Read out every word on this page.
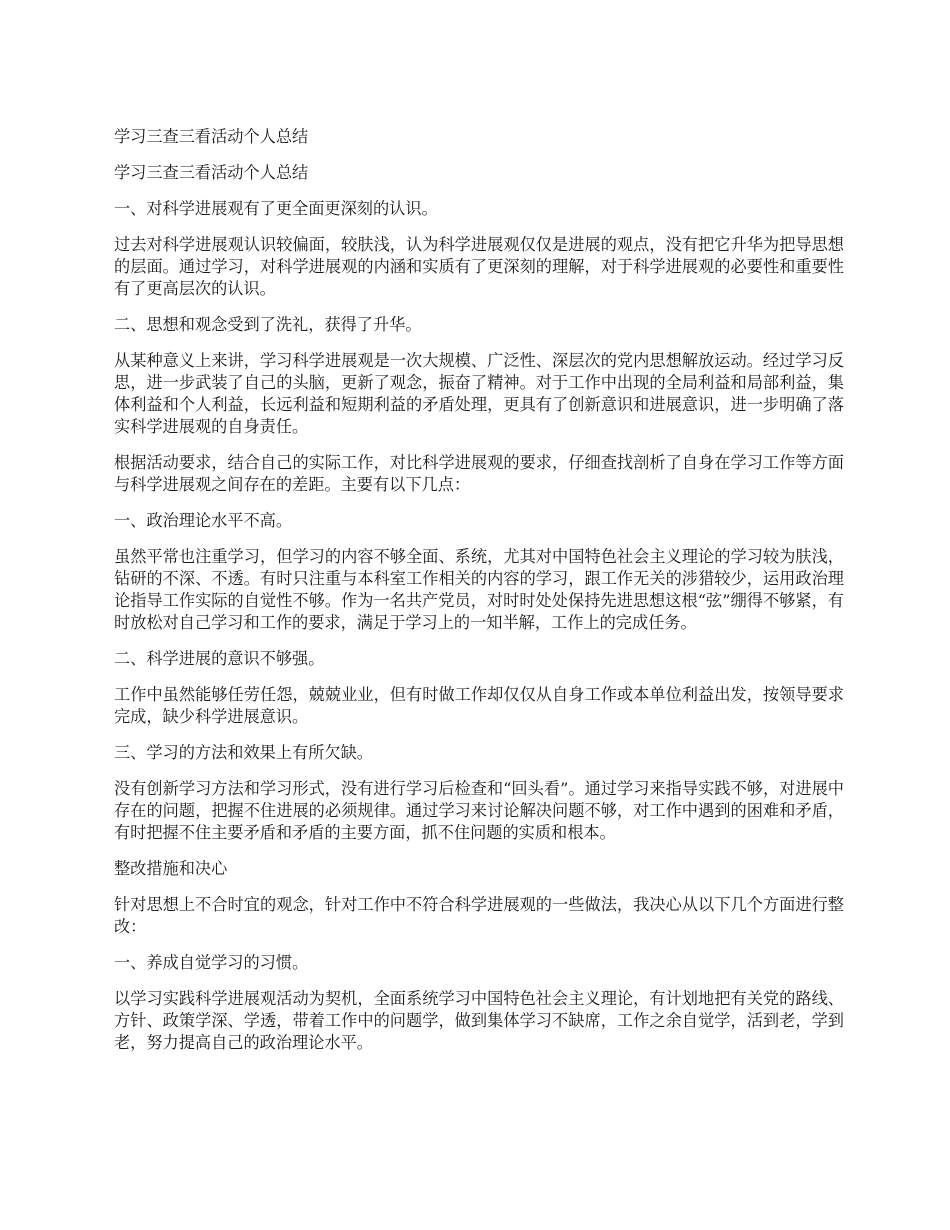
学习三查三看活动个人总结

学习三查三看活动个人总结

一、对科学进展观有了更全面更深刻的认识。

过去对科学进展观认识较偏面，较肤浅，认为科学进展观仅仅是进展的观点，没有把它升华为把导思想的层面。通过学习，对科学进展观的内涵和实质有了更深刻的理解，对于科学进展观的必要性和重要性有了更高层次的认识。

二、思想和观念受到了洗礼，获得了升华。

从某种意义上来讲，学习科学进展观是一次大规模、广泛性、深层次的党内思想解放运动。经过学习反思，进一步武装了自己的头脑，更新了观念，振奋了精神。对于工作中出现的全局利益和局部利益，集体利益和个人利益，长远利益和短期利益的矛盾处理，更具有了创新意识和进展意识，进一步明确了落实科学进展观的自身责任。

根据活动要求，结合自己的实际工作，对比科学进展观的要求，仔细查找剖析了自身在学习工作等方面与科学进展观之间存在的差距。主要有以下几点：

一、政治理论水平不高。

虽然平常也注重学习，但学习的内容不够全面、系统，尤其对中国特色社会主义理论的学习较为肤浅，钻研的不深、不透。有时只注重与本科室工作相关的内容的学习，跟工作无关的涉猎较少，运用政治理论指导工作实际的自觉性不够。作为一名共产党员，对时时处处保持先进思想这根“弦”绷得不够紧，有时放松对自己学习和工作的要求，满足于学习上的一知半解，工作上的完成任务。

二、科学进展的意识不够强。

工作中虽然能够任劳任怨，兢兢业业，但有时做工作却仅仅从自身工作或本单位利益出发，按领导要求完成，缺少科学进展意识。

三、学习的方法和效果上有所欠缺。

没有创新学习方法和学习形式，没有进行学习后检查和“回头看”。通过学习来指导实践不够，对进展中存在的问题，把握不住进展的必须规律。通过学习来讨论解决问题不够，对工作中遇到的困难和矛盾，有时把握不住主要矛盾和矛盾的主要方面，抓不住问题的实质和根本。

整改措施和决心

针对思想上不合时宜的观念，针对工作中不符合科学进展观的一些做法，我决心从以下几个方面进行整改：

一、养成自觉学习的习惯。

以学习实践科学进展观活动为契机，全面系统学习中国特色社会主义理论，有计划地把有关党的路线、方针、政策学深、学透，带着工作中的问题学，做到集体学习不缺席，工作之余自觉学，活到老，学到老，努力提高自己的政治理论水平。
